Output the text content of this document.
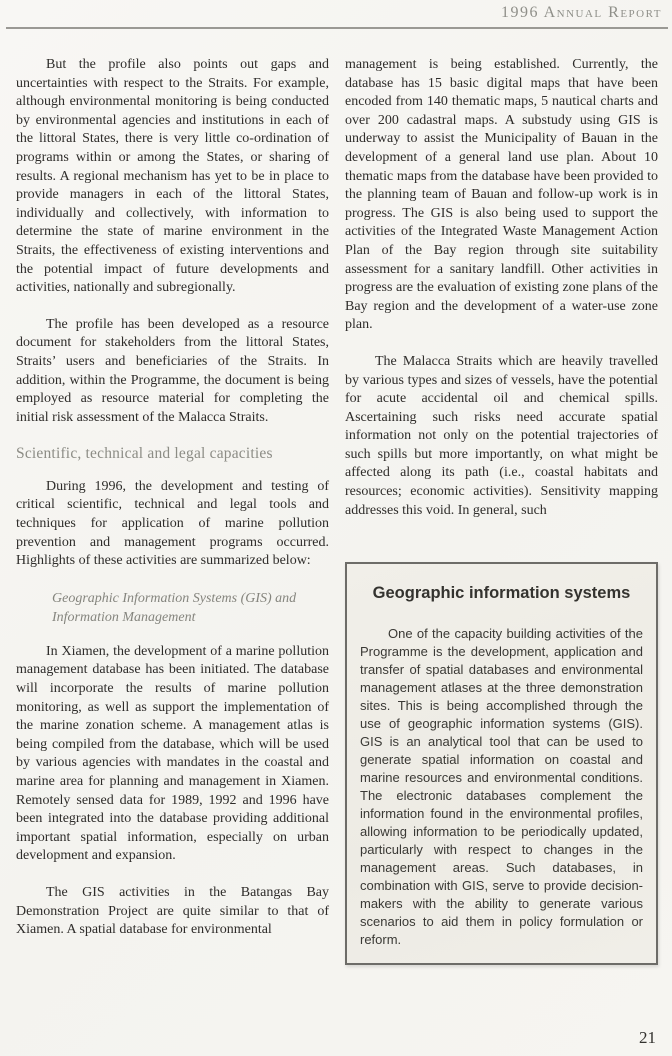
1996 Annual Report

But the profile also points out gaps and uncertainties with respect to the Straits. For example, although environmental monitoring is being conducted by environmental agencies and institutions in each of the littoral States, there is very little co-ordination of programs within or among the States, or sharing of results. A regional mechanism has yet to be in place to provide managers in each of the littoral States, individually and collectively, with information to determine the state of marine environment in the Straits, the effectiveness of existing interventions and the potential impact of future developments and activities, nationally and subregionally.

The profile has been developed as a resource document for stakeholders from the littoral States, Straits’ users and beneficiaries of the Straits. In addition, within the Programme, the document is being employed as resource material for completing the initial risk assessment of the Malacca Straits.

Scientific, technical and legal capacities

During 1996, the development and testing of critical scientific, technical and legal tools and techniques for application of marine pollution prevention and management programs occurred. Highlights of these activities are summarized below:

Geographic Information Systems (GIS) and Information Management

In Xiamen, the development of a marine pollution management database has been initiated. The database will incorporate the results of marine pollution monitoring, as well as support the implementation of the marine zonation scheme. A management atlas is being compiled from the database, which will be used by various agencies with mandates in the coastal and marine area for planning and management in Xiamen. Remotely sensed data for 1989, 1992 and 1996 have been integrated into the database providing additional important spatial information, especially on urban development and expansion.

The GIS activities in the Batangas Bay Demonstration Project are quite similar to that of Xiamen. A spatial database for environmental

management is being established. Currently, the database has 15 basic digital maps that have been encoded from 140 thematic maps, 5 nautical charts and over 200 cadastral maps. A substudy using GIS is underway to assist the Municipality of Bauan in the development of a general land use plan. About 10 thematic maps from the database have been provided to the planning team of Bauan and follow-up work is in progress. The GIS is also being used to support the activities of the Integrated Waste Management Action Plan of the Bay region through site suitability assessment for a sanitary landfill. Other activities in progress are the evaluation of existing zone plans of the Bay region and the development of a water-use zone plan.

The Malacca Straits which are heavily travelled by various types and sizes of vessels, have the potential for acute accidental oil and chemical spills. Ascertaining such risks need accurate spatial information not only on the potential trajectories of such spills but more importantly, on what might be affected along its path (i.e., coastal habitats and resources; economic activities). Sensitivity mapping addresses this void. In general, such

Geographic information systems
One of the capacity building activities of the Programme is the development, application and transfer of spatial databases and environmental management atlases at the three demonstration sites. This is being accomplished through the use of geographic information systems (GIS). GIS is an analytical tool that can be used to generate spatial information on coastal and marine resources and environmental conditions. The electronic databases complement the information found in the environmental profiles, allowing information to be periodically updated, particularly with respect to changes in the management areas. Such databases, in combination with GIS, serve to provide decision-makers with the ability to generate various scenarios to aid them in policy formulation or reform.
21
